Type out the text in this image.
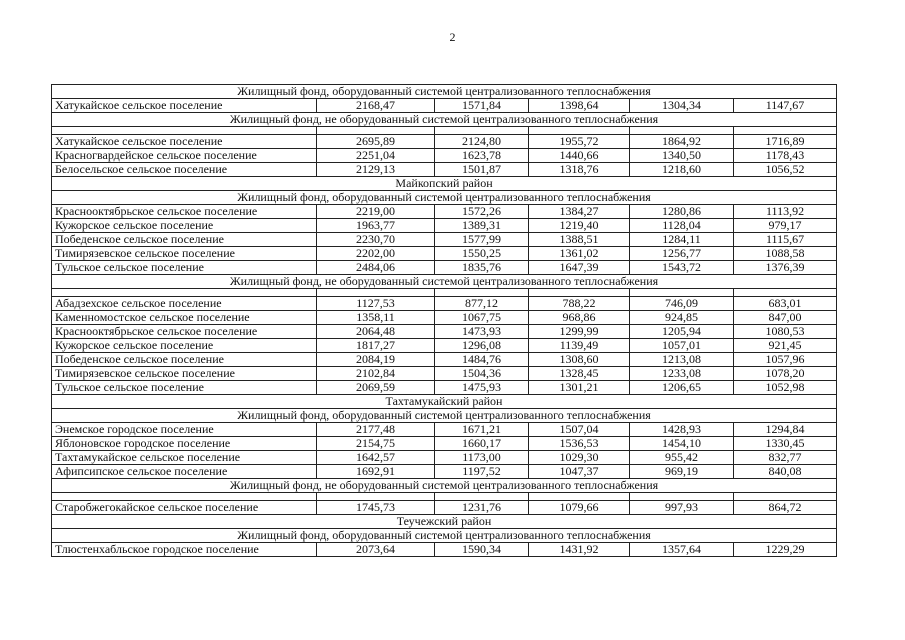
2
Жилищный фонд, оборудованный системой централизованного теплоснабжения					
Хатукайское сельское поселение	2168,47	1571,84	1398,64	1304,34	1147,67
Жилищный фонд, не оборудованный системой централизованного теплоснабжения					

Хатукайское сельское поселение	2695,89	2124,80	1955,72	1864,92	1716,89
Красногвардейское сельское поселение	2251,04	1623,78	1440,66	1340,50	1178,43
Белосельское сельское поселение	2129,13	1501,87	1318,76	1218,60	1056,52
Майкопский район					
Жилищный фонд, оборудованный системой централизованного теплоснабжения					
Краснооктябрьское сельское поселение	2219,00	1572,26	1384,27	1280,86	1113,92
Кужорское сельское поселение	1963,77	1389,31	1219,40	1128,04	979,17
Победенское сельское поселение	2230,70	1577,99	1388,51	1284,11	1115,67
Тимирязевское сельское поселение	2202,00	1550,25	1361,02	1256,77	1088,58
Тульское сельское поселение	2484,06	1835,76	1647,39	1543,72	1376,39
Жилищный фонд, не оборудованный системой централизованного теплоснабжения					

Абадзехское сельское поселение	1127,53	877,12	788,22	746,09	683,01
Каменномостское сельское поселение	1358,11	1067,75	968,86	924,85	847,00
Краснооктябрьское сельское поселение	2064,48	1473,93	1299,99	1205,94	1080,53
Кужорское сельское поселение	1817,27	1296,08	1139,49	1057,01	921,45
Победенское сельское поселение	2084,19	1484,76	1308,60	1213,08	1057,96
Тимирязевское сельское поселение	2102,84	1504,36	1328,45	1233,08	1078,20
Тульское сельское поселение	2069,59	1475,93	1301,21	1206,65	1052,98
Тахтамукайский район					
Жилищный фонд, оборудованный системой централизованного теплоснабжения					
Энемское городское поселение	2177,48	1671,21	1507,04	1428,93	1294,84
Яблоновское городское поселение	2154,75	1660,17	1536,53	1454,10	1330,45
Тахтамукайское сельское поселение	1642,57	1173,00	1029,30	955,42	832,77
Афипсипское сельское поселение	1692,91	1197,52	1047,37	969,19	840,08
Жилищный фонд, не оборудованный системой централизованного теплоснабжения					

Старобжегокайское сельское поселение	1745,73	1231,76	1079,66	997,93	864,72
Теучежский район					
Жилищный фонд, оборудованный системой централизованного теплоснабжения					
Тлюстенхабльское городское поселение	2073,64	1590,34	1431,92	1357,64	1229,29
